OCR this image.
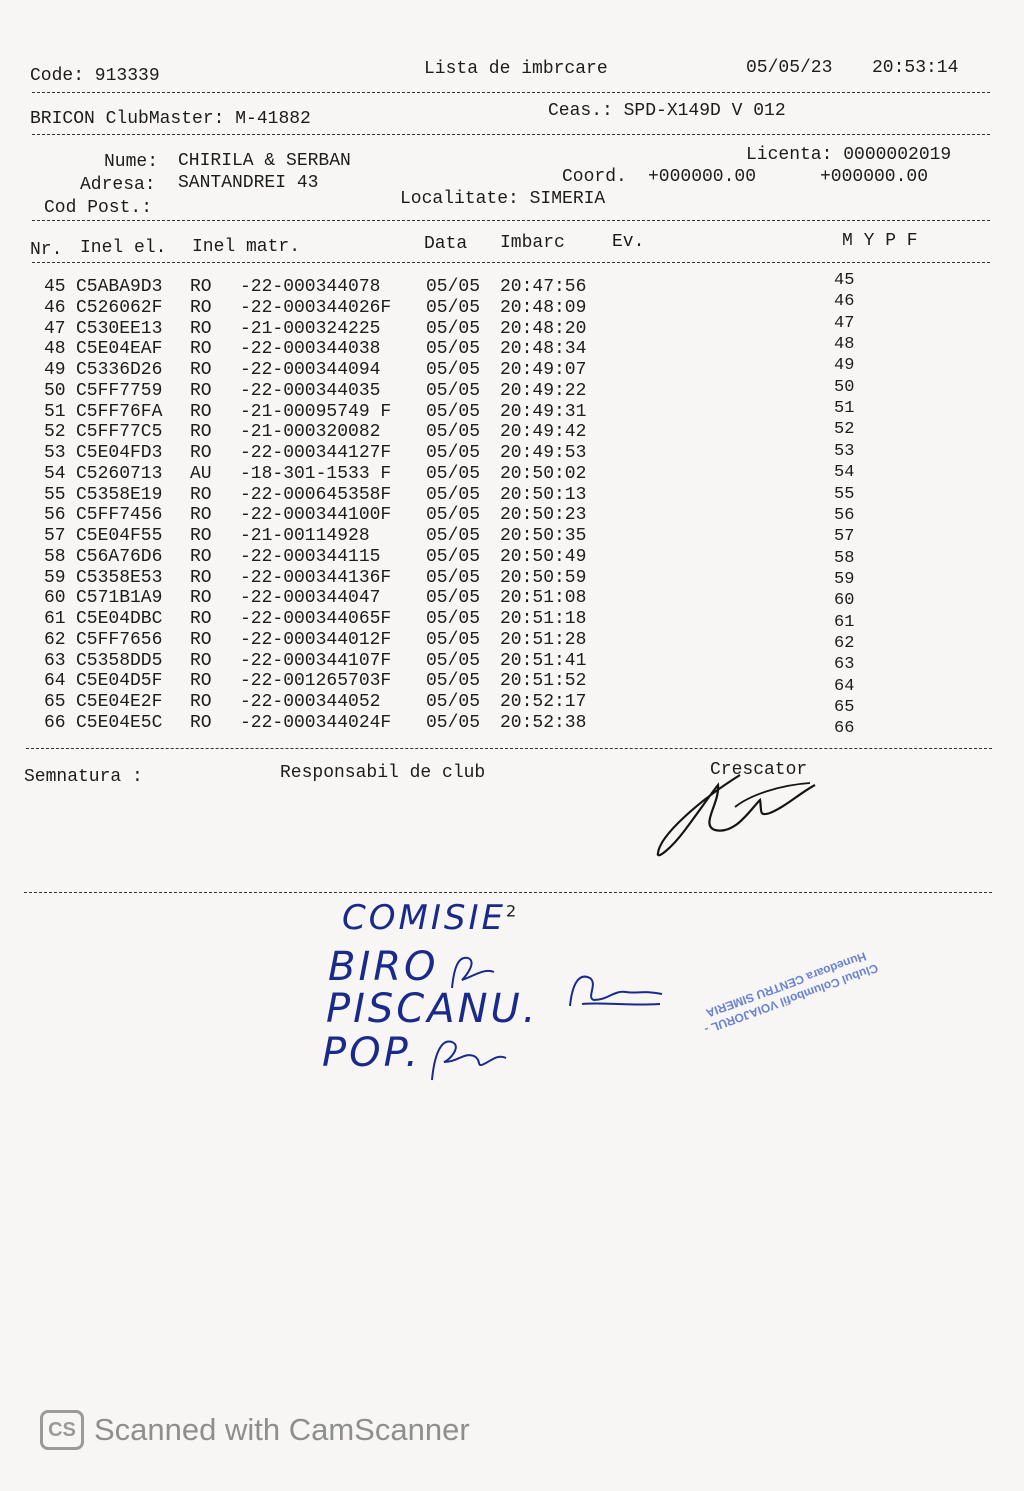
Code: 913339	Lista de imbrcare	05/05/23 20:53:14
BRICON ClubMaster: M-41882	Ceas.: SPD-X149D V 012
Nume: CHIRILA & SERBAN
Adresa: SANTANDREI 43
Cod Post.:
Licenta: 0000002019
Coord. +000000.00	+000000.00
Localitate: SIMERIA
Nr. Inel el. Inel matr.	Data Imbarc	Ev.	M Y P F
45 C5ABA9D3 RO -22-000344078	05/05 20:47:56	45
46 C526062F RO -22-000344026F 05/05 20:48:09	46
47 C530EE13 RO -21-000324225	05/05 20:48:20	47
48 C5E04EAF RO -22-000344038	05/05 20:48:34	48
49 C5336D26 RO -22-000344094	05/05 20:49:07	49
50 C5FF7759 RO -22-000344035	05/05 20:49:22	50
51 C5FF76FA RO -21-00095749 F 05/05 20:49:31	51
52 C5FF77C5 RO -21-000320082	05/05 20:49:42	52
53 C5E04FD3 RO -22-000344127F 05/05 20:49:53	53
54 C5260713 AU -18-301-1533 F 05/05 20:50:02	54
55 C5358E19 RO -22-000645358F 05/05 20:50:13	55
56 C5FF7456 RO -22-000344100F 05/05 20:50:23	56
57 C5E04F55 RO -21-00114928	05/05 20:50:35	57
58 C56A76D6 RO -22-000344115	05/05 20:50:49	58
59 C5358E53 RO -22-000344136F 05/05 20:50:59	59
60 C571B1A9 RO -22-000344047	05/05 20:51:08	60
61 C5E04DBC RO -22-000344065F 05/05 20:51:18	61
62 C5FF7656 RO -22-000344012F 05/05 20:51:28	62
63 C5358DD5 RO -22-000344107F 05/05 20:51:41	63
64 C5E04D5F RO -22-001265703F 05/05 20:51:52	64
65 C5E04E2F RO -22-000344052	05/05 20:52:17	65
66 C5E04E5C RO -22-000344024F 05/05 20:52:38	66
Semnatura :	Responsabil de club	Crescator
Clubul Columbofil VOIAJORUL - Hunedoara CENTRU SIMERIA
COMISIE$^2$
BIRO
PISCANU.
POP.
CS Scanned with CamScanner
